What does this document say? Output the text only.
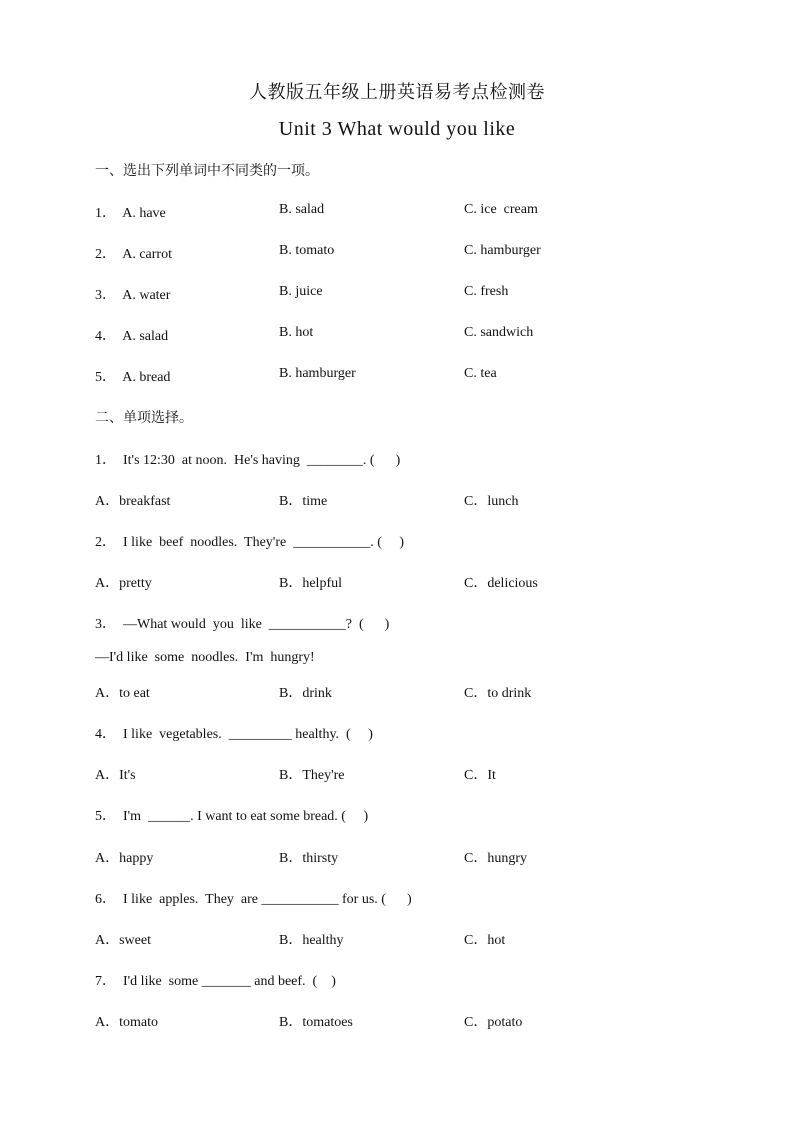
人教版五年级上册英语易考点检测卷
Unit 3 What would you like
一、选出下列单词中不同类的一项。
1． A. have	B. salad	C. ice  cream
2． A. carrot	B. tomato	C. hamburger
3． A. water	B. juice	C. fresh
4． A. salad	B. hot	C. sandwich
5． A. bread	B. hamburger	C. tea
二、单项选择。
1．  It's 12:30  at noon.  He's having  ________. (      )
A．breakfast	B．time	C．lunch
2．  I like  beef  noodles.  They're  ___________. (     )
A．pretty	B．helpful	C．delicious
3．  —What would  you  like  ___________?  (      )
—I'd like  some  noodles.  I'm  hungry!
A．to eat	B．drink	C．to drink
4．  I like  vegetables.  _________ healthy.  (     )
A．It's	B．They're	C．It
5．  I'm  ______. I want to eat some bread. (     )
A．happy	B．thirsty	C．hungry
6．  I like  apples.  They  are ___________ for us. (      )
A．sweet	B．healthy	C．hot
7．  I'd like  some _______ and beef.  (    )
A．tomato	B．tomatoes	C．potato
